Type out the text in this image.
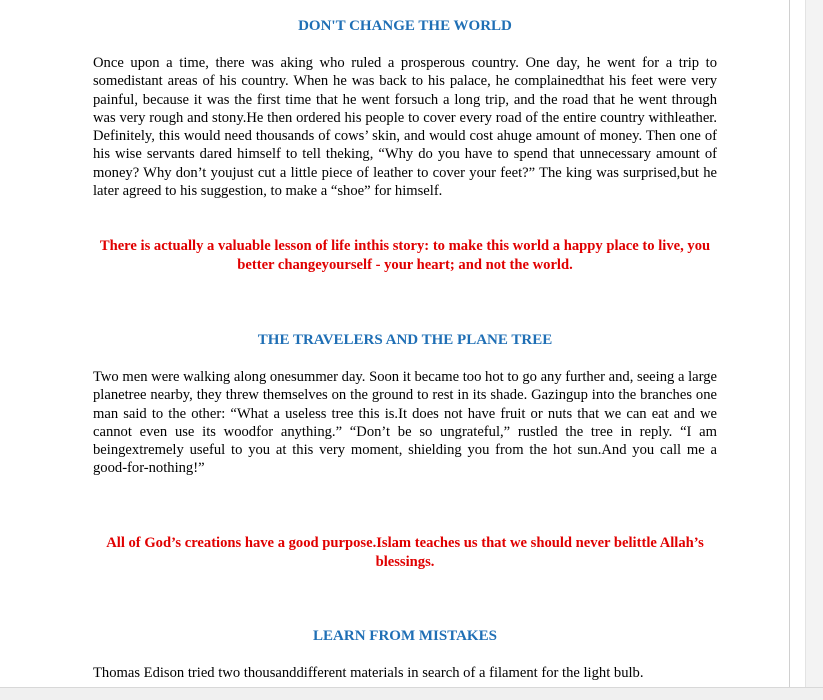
DON'T CHANGE THE WORLD

Once upon a time, there was aking who ruled a prosperous country. One day, he went for a trip to somedistant areas of his country. When he was back to his palace, he complainedthat his feet were very painful, because it was the first time that he went forsuch a long trip, and the road that he went through was very rough and stony.He then ordered his people to cover every road of the entire country withleather. Definitely, this would need thousands of cows’ skin, and would cost ahuge amount of money. Then one of his wise servants dared himself to tell theking, “Why do you have to spend that unnecessary amount of money? Why don’t youjust cut a little piece of leather to cover your feet?” The king was surprised,but he later agreed to his suggestion, to make a “shoe” for himself.

There is actually a valuable lesson of life inthis story: to make this world a happy place to live, you better changeyourself - your heart; and not the world.

THE TRAVELERS AND THE PLANE TREE

Two men were walking along onesummer day. Soon it became too hot to go any further and, seeing a large planetree nearby, they threw themselves on the ground to rest in its shade. Gazingup into the branches one man said to the other: “What a useless tree this is.It does not have fruit or nuts that we can eat and we cannot even use its woodfor anything.” “Don’t be so ungrateful,” rustled the tree in reply. “I am beingextremely useful to you at this very moment, shielding you from the hot sun.And you call me a good-for-nothing!”

All of God’s creations have a good purpose.Islam teaches us that we should never belittle Allah’s blessings.

LEARN FROM MISTAKES

Thomas Edison tried two thousanddifferent materials in search of a filament for the light bulb.
